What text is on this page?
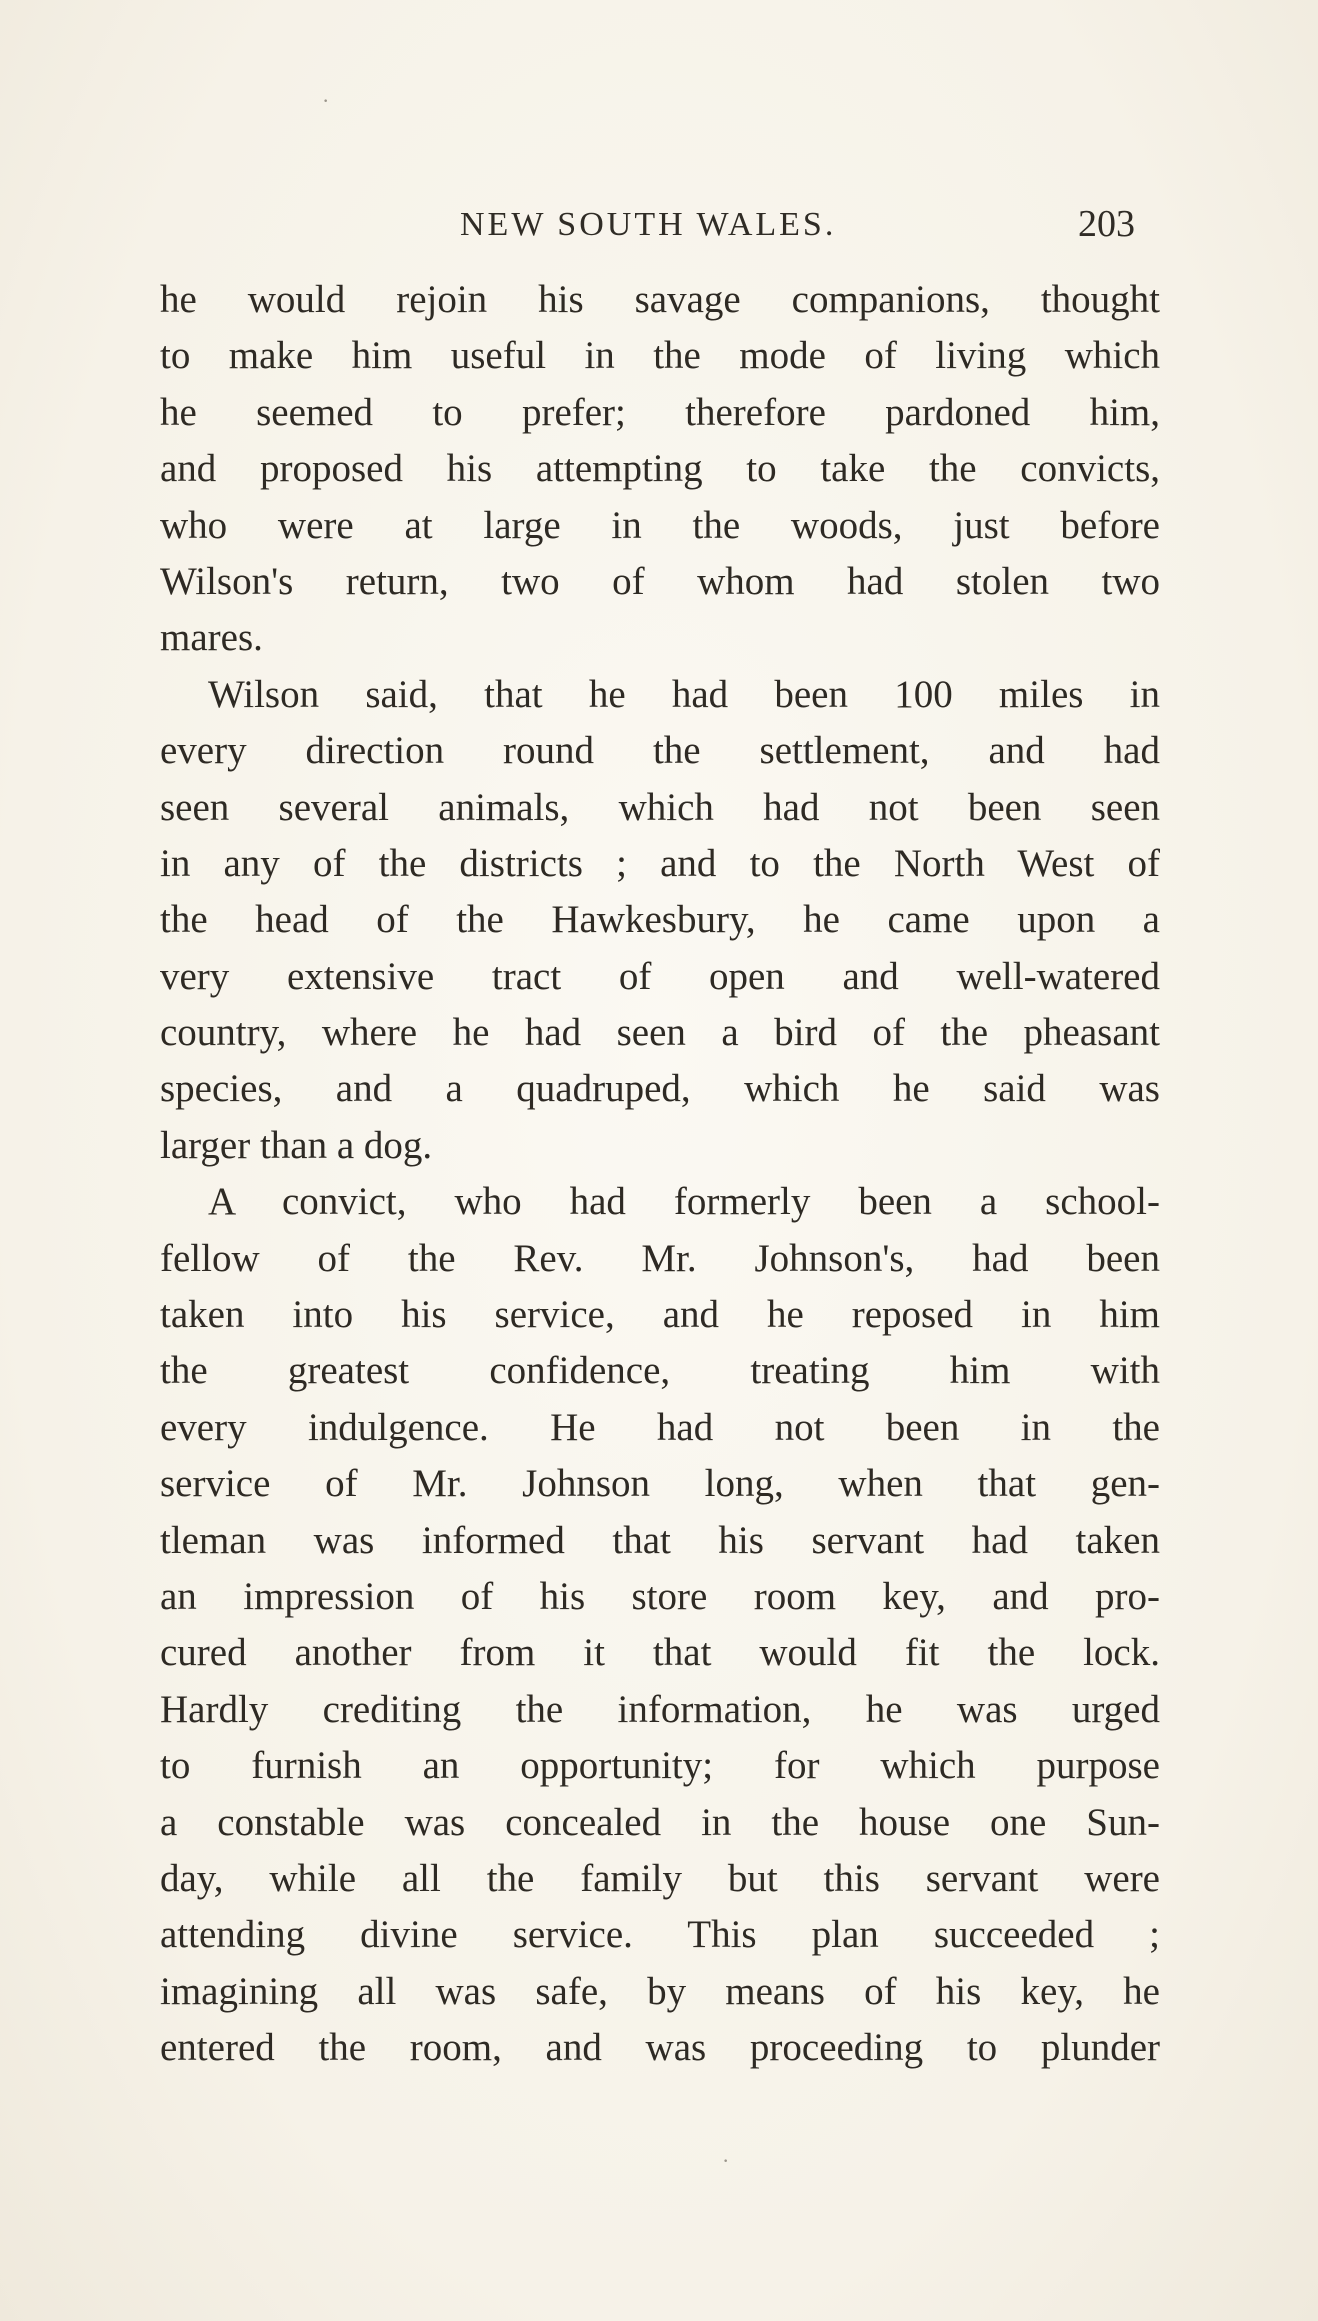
NEW SOUTH WALES.	203
he would rejoin his savage companions, thought
to make him useful in the mode of living which
he seemed to prefer; therefore pardoned him,
and proposed his attempting to take the convicts,
who were at large in the woods, just before
Wilson's return, two of whom had stolen two
mares.
Wilson said, that he had been 100 miles in
every direction round the settlement, and had
seen several animals, which had not been seen
in any of the districts ; and to the North West of
the head of the Hawkesbury, he came upon a
very extensive tract of open and well-watered
country, where he had seen a bird of the pheasant
species, and a quadruped, which he said was
larger than a dog.
A convict, who had formerly been a school-
fellow of the Rev. Mr. Johnson's, had been
taken into his service, and he reposed in him
the greatest confidence, treating him with
every indulgence. He had not been in the
service of Mr. Johnson long, when that gen-
tleman was informed that his servant had taken
an impression of his store room key, and pro-
cured another from it that would fit the lock.
Hardly crediting the information, he was urged
to furnish an opportunity; for which purpose
a constable was concealed in the house one Sun-
day, while all the family but this servant were
attending divine service. This plan succeeded ;
imagining all was safe, by means of his key, he
entered the room, and was proceeding to plunder
·
·
